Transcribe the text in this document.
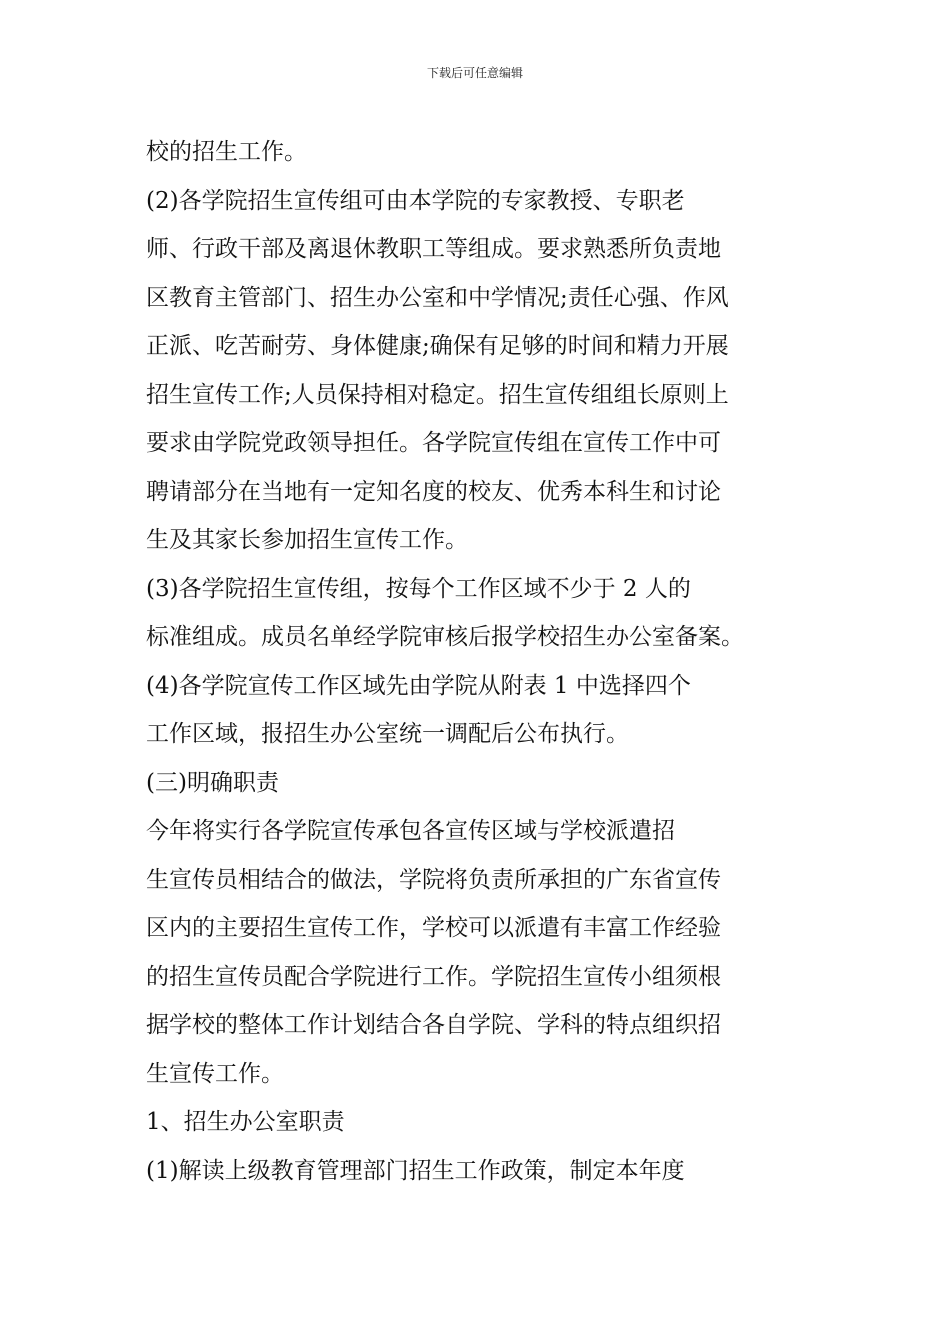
下载后可任意编辑

校的招生工作。

(2)各学院招生宣传组可由本学院的专家教授、专职老

师、行政干部及离退休教职工等组成。要求熟悉所负责地

区教育主管部门、招生办公室和中学情况;责任心强、作风

正派、吃苦耐劳、身体健康;确保有足够的时间和精力开展

招生宣传工作;人员保持相对稳定。招生宣传组组长原则上

要求由学院党政领导担任。各学院宣传组在宣传工作中可

聘请部分在当地有一定知名度的校友、优秀本科生和讨论

生及其家长参加招生宣传工作。

(3)各学院招生宣传组，按每个工作区域不少于 2 人的

标准组成。成员名单经学院审核后报学校招生办公室备案。

(4)各学院宣传工作区域先由学院从附表 1 中选择四个

工作区域，报招生办公室统一调配后公布执行。

(三)明确职责

今年将实行各学院宣传承包各宣传区域与学校派遣招

生宣传员相结合的做法，学院将负责所承担的广东省宣传

区内的主要招生宣传工作，学校可以派遣有丰富工作经验

的招生宣传员配合学院进行工作。学院招生宣传小组须根

据学校的整体工作计划结合各自学院、学科的特点组织招

生宣传工作。

1、招生办公室职责

(1)解读上级教育管理部门招生工作政策，制定本年度
